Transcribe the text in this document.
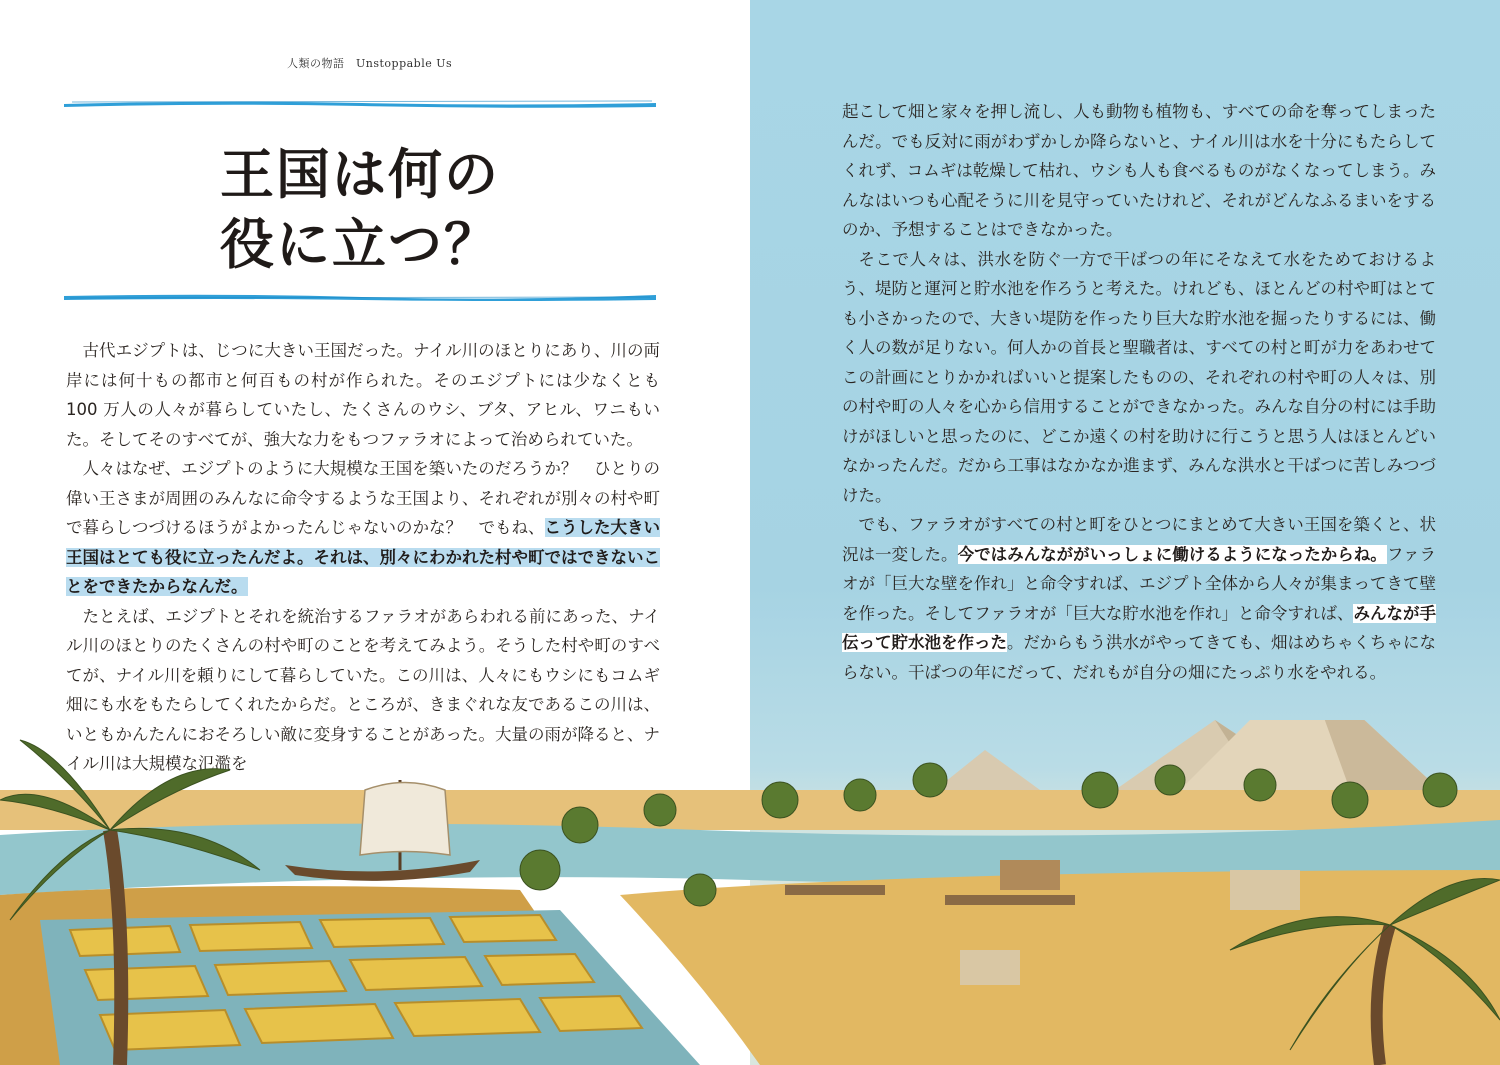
人類の物語　Unstoppable Us
王国は何の
役に立つ？

古代エジプトは、じつに大きい王国だった。ナイル川のほとりにあり、川の両岸には何十もの都市と何百もの村が作られた。そのエジプトには少なくとも 100 万人の人々が暮らしていたし、たくさんのウシ、ブタ、アヒル、ワニもいた。そしてそのすべてが、強大な力をもつファラオによって治められていた。

人々はなぜ、エジプトのように大規模な王国を築いたのだろうか？　ひとりの偉い王さまが周囲のみんなに命令するような王国より、それぞれが別々の村や町で暮らしつづけるほうがよかったんじゃないのかな？　でもね、こうした大きい王国はとても役に立ったんだよ。それは、別々にわかれた村や町ではできないことをできたからなんだ。

たとえば、エジプトとそれを統治するファラオがあらわれる前にあった、ナイル川のほとりのたくさんの村や町のことを考えてみよう。そうした村や町のすべてが、ナイル川を頼りにして暮らしていた。この川は、人々にもウシにもコムギ畑にも水をもたらしてくれたからだ。ところが、きまぐれな友であるこの川は、いともかんたんにおそろしい敵に変身することがあった。大量の雨が降ると、ナイル川は大規模な氾濫を

起こして畑と家々を押し流し、人も動物も植物も、すべての命を奪ってしまったんだ。でも反対に雨がわずかしか降らないと、ナイル川は水を十分にもたらしてくれず、コムギは乾燥して枯れ、ウシも人も食べるものがなくなってしまう。みんなはいつも心配そうに川を見守っていたけれど、それがどんなふるまいをするのか、予想することはできなかった。

そこで人々は、洪水を防ぐ一方で干ばつの年にそなえて水をためておけるよう、堤防と運河と貯水池を作ろうと考えた。けれども、ほとんどの村や町はとても小さかったので、大きい堤防を作ったり巨大な貯水池を掘ったりするには、働く人の数が足りない。何人かの首長と聖職者は、すべての村と町が力をあわせてこの計画にとりかかればいいと提案したものの、それぞれの村や町の人々は、別の村や町の人々を心から信用することができなかった。みんな自分の村には手助けがほしいと思ったのに、どこか遠くの村を助けに行こうと思う人はほとんどいなかったんだ。だから工事はなかなか進まず、みんな洪水と干ばつに苦しみつづけた。

でも、ファラオがすべての村と町をひとつにまとめて大きい王国を築くと、状況は一変した。今ではみんなががいっしょに働けるようになったからね。ファラオが「巨大な壁を作れ」と命令すれば、エジプト全体から人々が集まってきて壁を作った。そしてファラオが「巨大な貯水池を作れ」と命令すれば、みんなが手伝って貯水池を作った。だからもう洪水がやってきても、畑はめちゃくちゃにならない。干ばつの年にだって、だれもが自分の畑にたっぷり水をやれる。
